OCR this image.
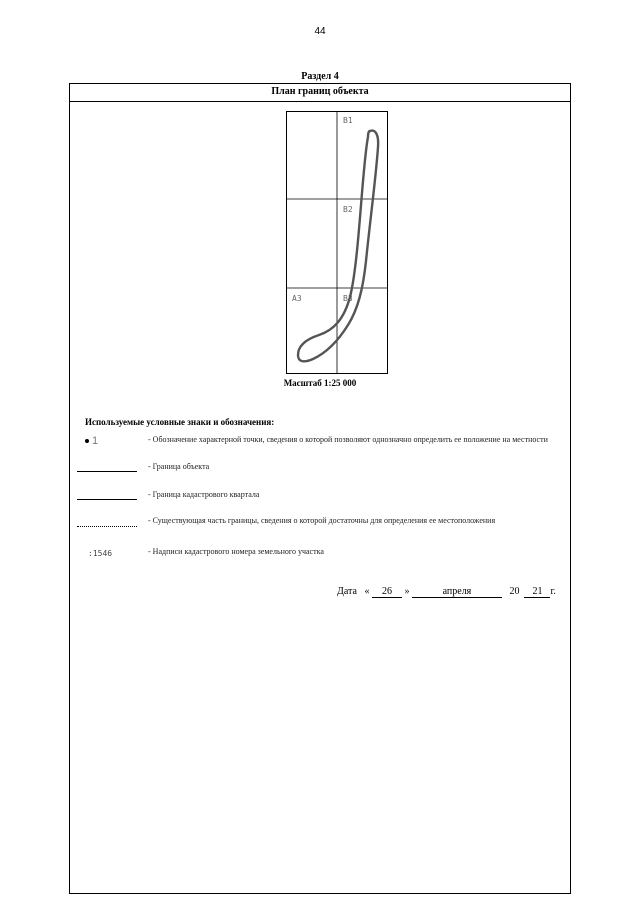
44
Раздел 4
План границ объекта
B1
B2
A3	B3
Масштаб 1:25 000
Используемые условные знаки и обозначения:
1	- Обозначение характерной точки, сведения о которой позволяют однозначно определить ее положение на местности
- Граница объекта
- Граница кадастрового квартала
- Существующая часть границы, сведения о которой достаточны для определения ее местоположения
:1546	- Надписи кадастрового номера земельного участка
Дата « 26 »	апреля	20 21 г.
